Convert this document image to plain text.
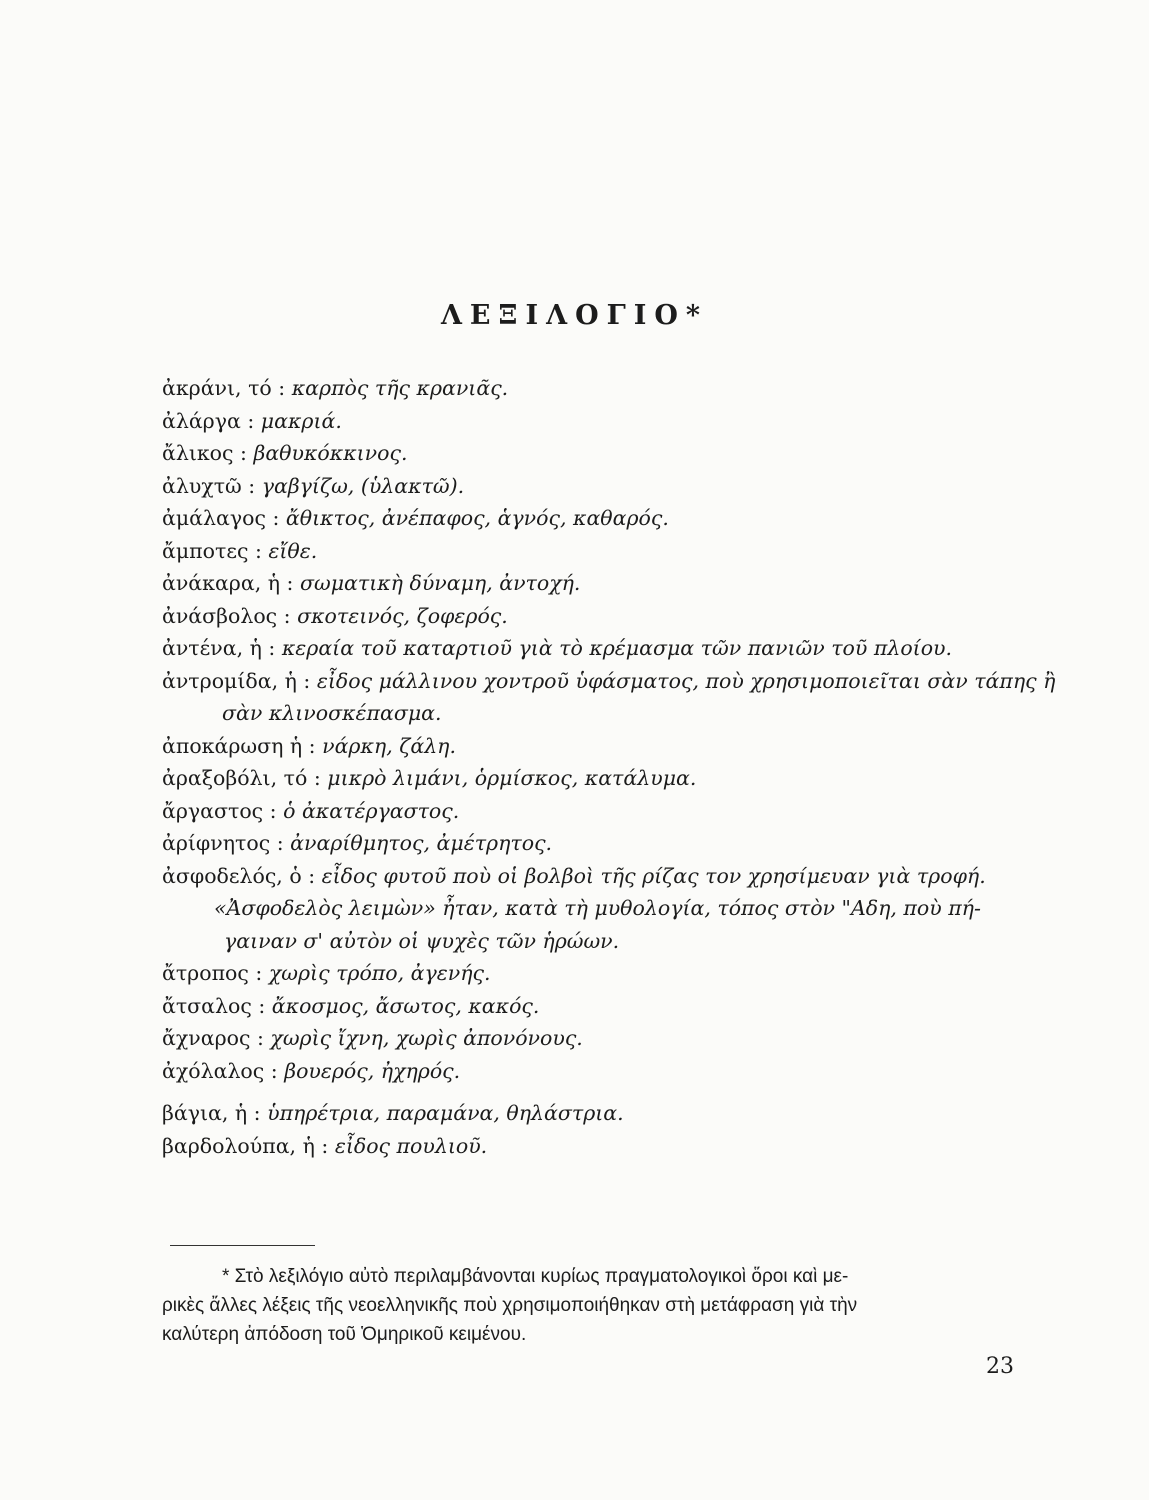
ΛΕΞΙΛΟΓΙΟ*
ἀκράνι, τό : καρπὸς τῆς κρανιᾶς.
ἀλάργα : μακριά.
ἄλικος : βαθυκόκκινος.
ἀλυχτῶ : γαβγίζω, (ὑλακτῶ).
ἀμάλαγος : ἄθικτος, ἀνέπαφος, ἁγνός, καθαρός.
ἄμποτες : εἴθε.
ἀνάκαρα, ἡ : σωματικὴ δύναμη, ἀντοχή.
ἀνάσβολος : σκοτεινός, ζοφερός.
ἀντένα, ἡ : κεραία τοῦ καταρτιοῦ γιὰ τὸ κρέμασμα τῶν πανιῶν τοῦ πλοίου.
ἀντρομίδα, ἡ : εἶδος μάλλινου χοντροῦ ὑφάσματος, ποὺ χρησιμοποιεῖται σὰν τάπης ἢ
σὰν κλινοσκέπασμα.
ἀποκάρωση ἡ : νάρκη, ζάλη.
ἀραξοβόλι, τό : μικρὸ λιμάνι, ὁρμίσκος, κατάλυμα.
ἄργαστος : ὁ ἀκατέργαστος.
ἀρίφνητος : ἀναρίθμητος, ἀμέτρητος.
ἀσφοδελός, ὁ : εἶδος φυτοῦ ποὺ οἱ βολβοὶ τῆς ρίζας τον χρησίμευαν γιὰ τροφή.
«Ἀσφοδελὸς λειμὼν» ἦταν, κατὰ τὴ μυθολογία, τόπος στὸν "Αδη, ποὺ πή-
γαιναν σ' αὐτὸν οἱ ψυχὲς τῶν ἡρώων.
ἄτροπος : χωρὶς τρόπο, ἀγενής.
ἄτσαλος : ἄκοσμος, ἄσωτος, κακός.
ἄχναρος : χωρὶς ἴχνη, χωρὶς ἀπονόνους.
ἀχόλαλος : βουερός, ἠχηρός.
βάγια, ἡ : ὑπηρέτρια, παραμάνα, θηλάστρια.
βαρδολούπα, ἡ : εἶδος πουλιοῦ.
* Στὸ λεξιλόγιο αὐτὸ περιλαμβάνονται κυρίως πραγματολογικοὶ ὅροι καὶ με-
ρικὲς ἄλλες λέξεις τῆς νεοελληνικῆς ποὺ χρησιμοποιήθηκαν στὴ μετάφραση γιὰ τὴν
καλύτερη ἀπόδοση τοῦ Ὁμηρικοῦ κειμένου.
23
